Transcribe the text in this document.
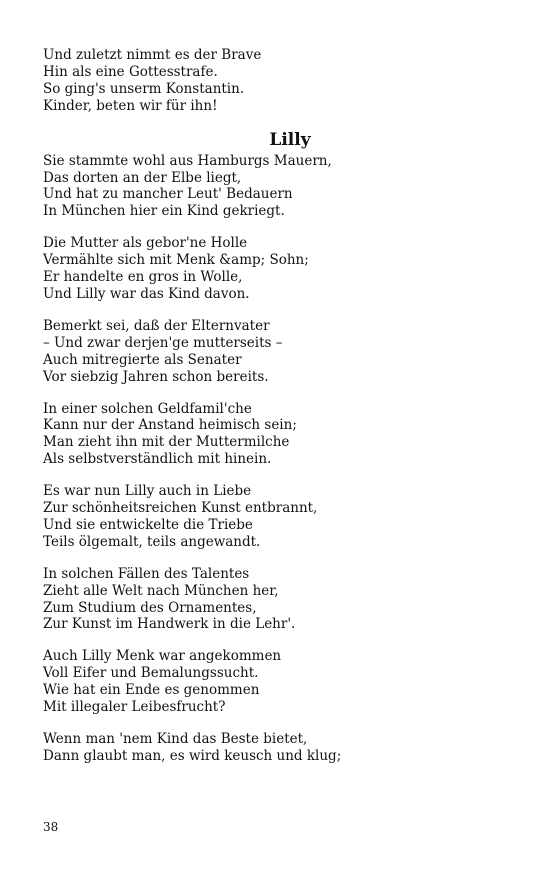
Und zuletzt nimmt es der Brave
Hin als eine Gottesstrafe.
So ging's unserm Konstantin.
Kinder, beten wir für ihn!
Lilly
Sie stammte wohl aus Hamburgs Mauern,
Das dorten an der Elbe liegt,
Und hat zu mancher Leut' Bedauern
In München hier ein Kind gekriegt.
Die Mutter als gebor'ne Holle
Vermählte sich mit Menk &amp; Sohn;
Er handelte en gros in Wolle,
Und Lilly war das Kind davon.
Bemerkt sei, daß der Elternvater
– Und zwar derjen'ge mutterseits –
Auch mitregierte als Senater
Vor siebzig Jahren schon bereits.
In einer solchen Geldfamil'che
Kann nur der Anstand heimisch sein;
Man zieht ihn mit der Muttermilche
Als selbstverständlich mit hinein.
Es war nun Lilly auch in Liebe
Zur schönheitsreichen Kunst entbrannt,
Und sie entwickelte die Triebe
Teils ölgemalt, teils angewandt.
In solchen Fällen des Talentes
Zieht alle Welt nach München her,
Zum Studium des Ornamentes,
Zur Kunst im Handwerk in die Lehr'.
Auch Lilly Menk war angekommen
Voll Eifer und Bemalungssucht.
Wie hat ein Ende es genommen
Mit illegaler Leibesfrucht?
Wenn man 'nem Kind das Beste bietet,
Dann glaubt man, es wird keusch und klug;
38
